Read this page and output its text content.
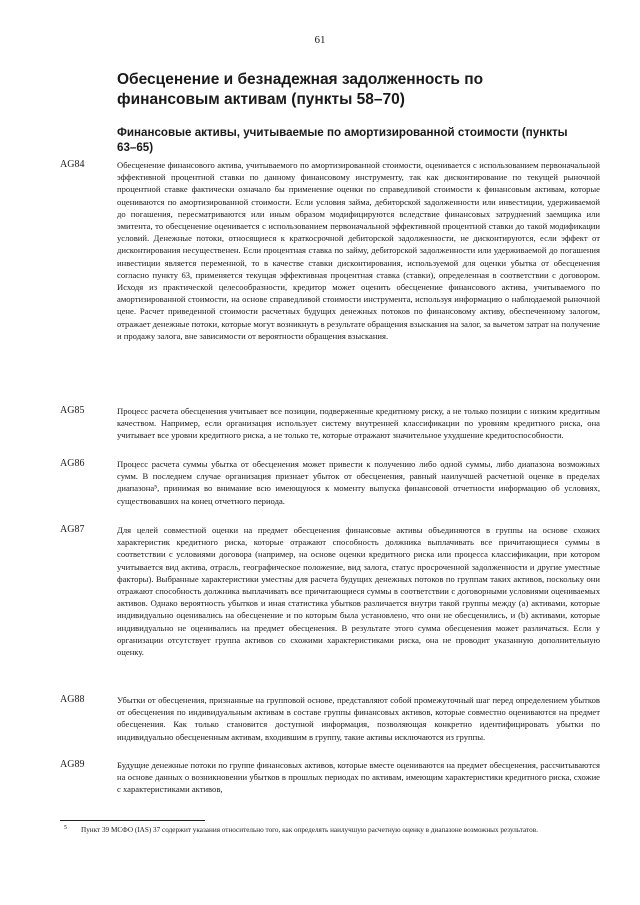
61
Обесценение и безнадежная задолженность по финансовым активам (пункты 58–70)
Финансовые активы, учитываемые по амортизированной стоимости (пункты 63–65)
AG84	Обесценение финансового актива, учитываемого по амортизированной стоимости, оценивается с использованием первоначальной эффективной процентной ставки по данному финансовому инструменту, так как дисконтирование по текущей рыночной процентной ставке фактически означало бы применение оценки по справедливой стоимости к финансовым активам, которые оцениваются по амортизированной стоимости. Если условия займа, дебиторской задолженности или инвестиции, удерживаемой до погашения, пересматриваются или иным образом модифицируются вследствие финансовых затруднений заемщика или эмитента, то обесценение оценивается с использованием первоначальной эффективной процентной ставки до такой модификации условий. Денежные потоки, относящиеся к краткосрочной дебиторской задолженности, не дисконтируются, если эффект от дисконтирования несущественен. Если процентная ставка по займу, дебиторской задолженности или удерживаемой до погашения инвестиции является переменной, то в качестве ставки дисконтирования, используемой для оценки убытка от обесценения согласно пункту 63, применяется текущая эффективная процентная ставка (ставки), определенная в соответствии с договором. Исходя из практической целесообразности, кредитор может оценить обесценение финансового актива, учитываемого по амортизированной стоимости, на основе справедливой стоимости инструмента, используя информацию о наблюдаемой рыночной цене. Расчет приведенной стоимости расчетных будущих денежных потоков по финансовому активу, обеспеченному залогом, отражает денежные потоки, которые могут возникнуть в результате обращения взыскания на залог, за вычетом затрат на получение и продажу залога, вне зависимости от вероятности обращения взыскания.
AG85	Процесс расчета обесценения учитывает все позиции, подверженные кредитному риску, а не только позиции с низким кредитным качеством. Например, если организация использует систему внутренней классификации по уровням кредитного риска, она учитывает все уровни кредитного риска, а не только те, которые отражают значительное ухудшение кредитоспособности.
AG86	Процесс расчета суммы убытка от обесценения может привести к получению либо одной суммы, либо диапазона возможных сумм. В последнем случае организация признает убыток от обесценения, равный наилучшей расчетной оценке в пределах диапазона⁵, принимая во внимание всю имеющуюся к моменту выпуска финансовой отчетности информацию об условиях, существовавших на конец отчетного периода.
AG87	Для целей совместной оценки на предмет обесценения финансовые активы объединяются в группы на основе схожих характеристик кредитного риска, которые отражают способность должника выплачивать все причитающиеся суммы в соответствии с условиями договора (например, на основе оценки кредитного риска или процесса классификации, при котором учитывается вид актива, отрасль, географическое положение, вид залога, статус просроченной задолженности и другие уместные факторы). Выбранные характеристики уместны для расчета будущих денежных потоков по группам таких активов, поскольку они отражают способность должника выплачивать все причитающиеся суммы в соответствии с договорными условиями оцениваемых активов. Однако вероятность убытков и иная статистика убытков различается внутри такой группы между (a) активами, которые индивидуально оценивались на обесценение и по которым была установлено, что они не обесценились, и (b) активами, которые индивидуально не оценивались на предмет обесценения. В результате этого сумма обесценения может различаться. Если у организации отсутствует группа активов со схожими характеристиками риска, она не проводит указанную дополнительную оценку.
AG88	Убытки от обесценения, признанные на групповой основе, представляют собой промежуточный шаг перед определением убытков от обесценения по индивидуальным активам в составе группы финансовых активов, которые совместно оцениваются на предмет обесценения. Как только становится доступной информация, позволяющая конкретно идентифицировать убытки по индивидуально обесцененным активам, входившим в группу, такие активы исключаются из группы.
AG89	Будущие денежные потоки по группе финансовых активов, которые вместе оцениваются на предмет обесценения, рассчитываются на основе данных о возникновении убытков в прошлых периодах по активам, имеющим характеристики кредитного риска, схожие с характеристиками активов,
5 Пункт 39 МСФО (IAS) 37 содержит указания относительно того, как определять наилучшую расчетную оценку в диапазоне возможных результатов.
